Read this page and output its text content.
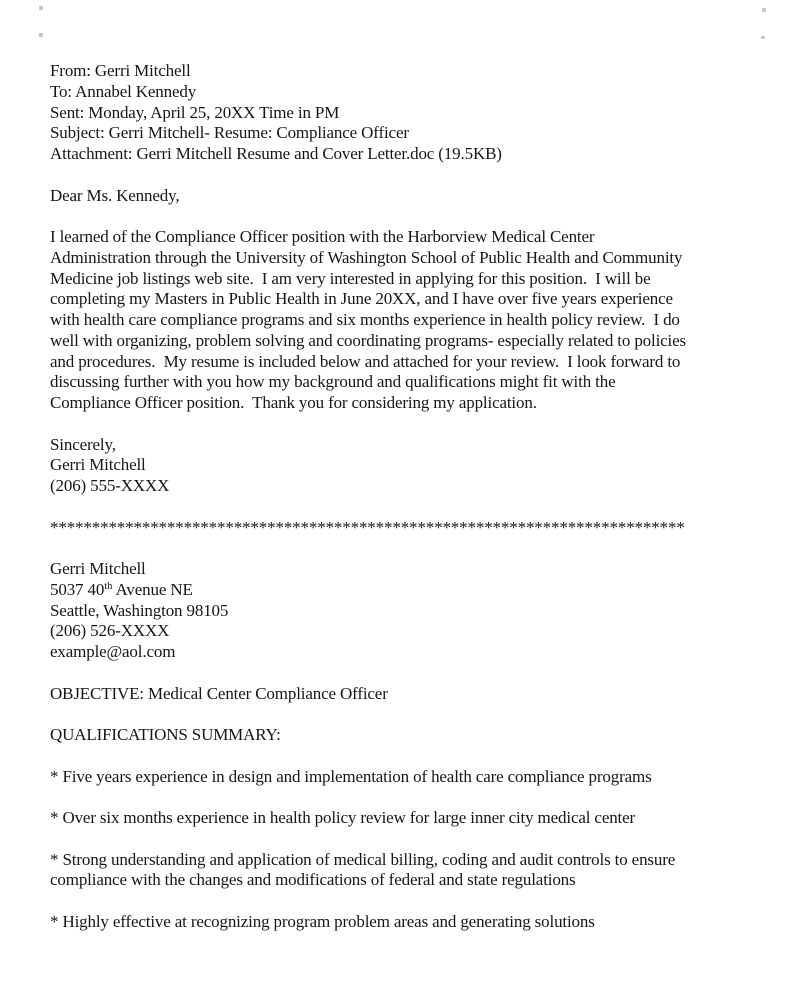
From: Gerri Mitchell
To: Annabel Kennedy
Sent: Monday, April 25, 20XX Time in PM
Subject: Gerri Mitchell- Resume: Compliance Officer
Attachment: Gerri Mitchell Resume and Cover Letter.doc (19.5KB)
Dear Ms. Kennedy,
I learned of the Compliance Officer position with the Harborview Medical Center
Administration through the University of Washington School of Public Health and Community
Medicine job listings web site.  I am very interested in applying for this position.  I will be
completing my Masters in Public Health in June 20XX, and I have over five years experience
with health care compliance programs and six months experience in health policy review.  I do
well with organizing, problem solving and coordinating programs- especially related to policies
and procedures.  My resume is included below and attached for your review.  I look forward to
discussing further with you how my background and qualifications might fit with the
Compliance Officer position.  Thank you for considering my application.
Sincerely,
Gerri Mitchell
(206) 555-XXXX
****************************************************************************
Gerri Mitchell
5037 40th Avenue NE
Seattle, Washington 98105
(206) 526-XXXX
example@aol.com
OBJECTIVE: Medical Center Compliance Officer
QUALIFICATIONS SUMMARY:
* Five years experience in design and implementation of health care compliance programs
* Over six months experience in health policy review for large inner city medical center
* Strong understanding and application of medical billing, coding and audit controls to ensure
compliance with the changes and modifications of federal and state regulations
* Highly effective at recognizing program problem areas and generating solutions
